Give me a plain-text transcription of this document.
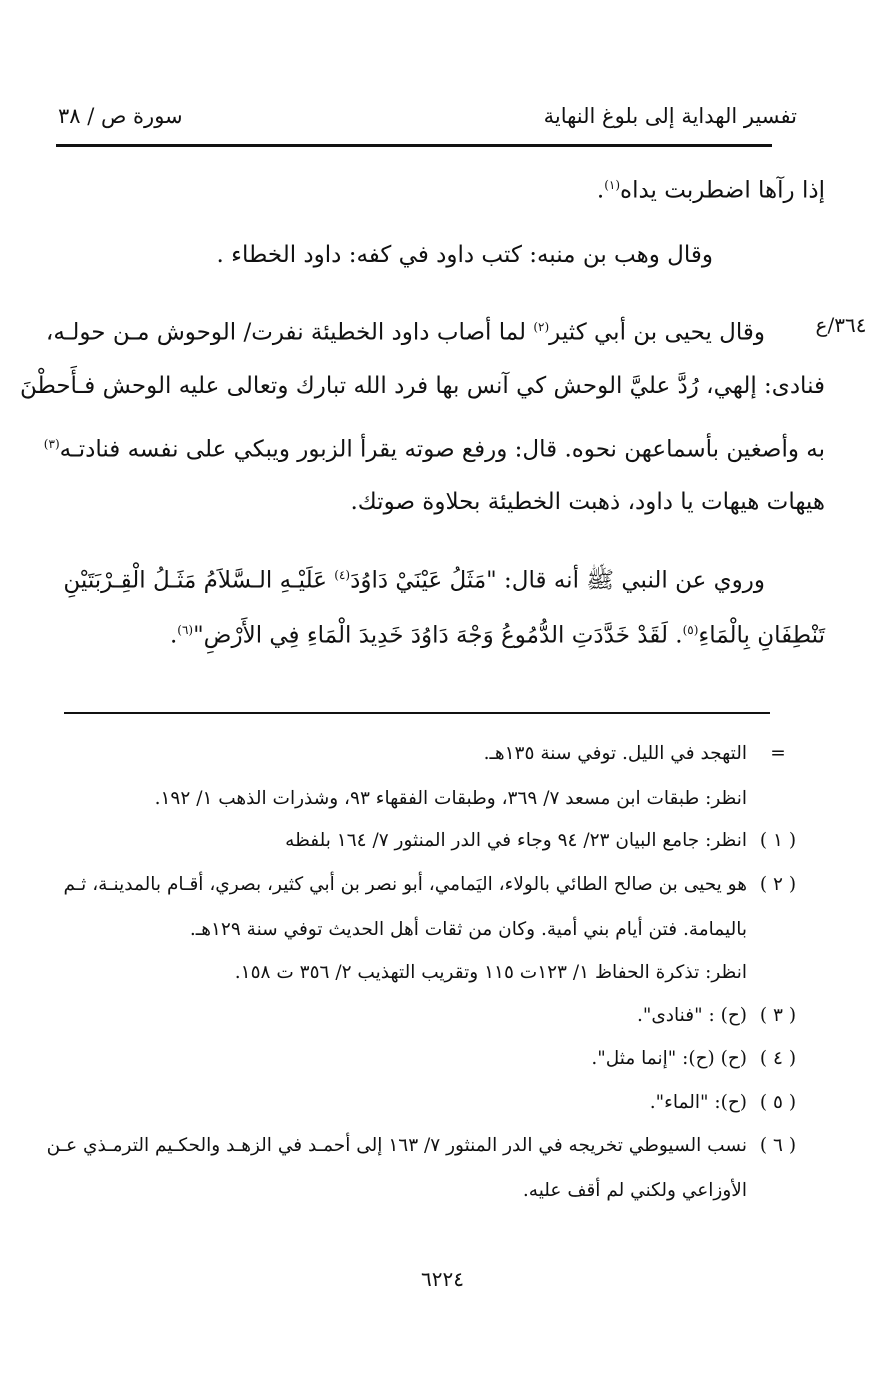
تفسير الهداية إلى بلوغ النهاية
سورة ص / ٣٨
٣٦٤/ع
إذا رآها اضطربت يداه$^{(١)}$.
وقال وهب بن منبه: كتب داود في كفه: داود الخطاء .
وقال يحيى بن أبي كثير$^{(٢)}$ لما أصاب داود الخطيئة نفرت/ الوحوش مـن حولـه،
فنادى: إلهي، رُدَّ عليَّ الوحش كي آنس بها فرد الله تبارك وتعالى عليه الوحش فـأَحطْنَ
به وأصغين بأسماعهن نحوه. قال: ورفع صوته يقرأ الزبور ويبكي على نفسه فنادتـه$^{(٣)}$
هيهات هيهات يا داود، ذهبت الخطيئة بحلاوة صوتك.
وروي عن النبي ﷺ أنه قال: "مَثَلُ عَيْنَيْ دَاوُدَ$^{(٤)}$ عَلَيْـهِ الـسَّلاَمُ مَثَـلُ الْقِـرْبَتَيْنِ
تَنْطِفَانِ بِالْمَاءِ$^{(٥)}$. لَقَدْ خَدَّدَتِ الدُّمُوعُ وَجْهَ دَاوُدَ خَدِيدَ الْمَاءِ فِي الأَرْضِ"$^{(٦)}$.
=
التهجد في الليل. توفي سنة ١٣٥هـ.
انظر: طبقات ابن مسعد ٧/ ٣٦٩، وطبقات الفقهاء ٩٣، وشذرات الذهب ١/ ١٩٢.
( ١ )
انظر: جامع البيان ٢٣/ ٩٤ وجاء في الدر المنثور ٧/ ١٦٤ بلفظه
( ٢ )
هو يحيى بن صالح الطائي بالولاء، اليَمامي، أبو نصر بن أبي كثير، بصري، أقـام بالمدينـة، ثـم
باليمامة. فتن أيام بني أمية. وكان من ثقات أهل الحديث توفي سنة ١٢٩هـ.
انظر: تذكرة الحفاظ ١/ ١٢٣ت ١١٥ وتقريب التهذيب ٢/ ٣٥٦ ت ١٥٨.
( ٣ )
(ح) : "فنادى".
( ٤ )
(ح) (ح): "إنما مثل".
( ٥ )
(ح): "الماء".
( ٦ )
نسب السيوطي تخريجه في الدر المنثور ٧/ ١٦٣ إلى أحمـد في الزهـد والحكـيم الترمـذي عـن
الأوزاعي ولكني لم أقف عليه.
٦٢٢٤
